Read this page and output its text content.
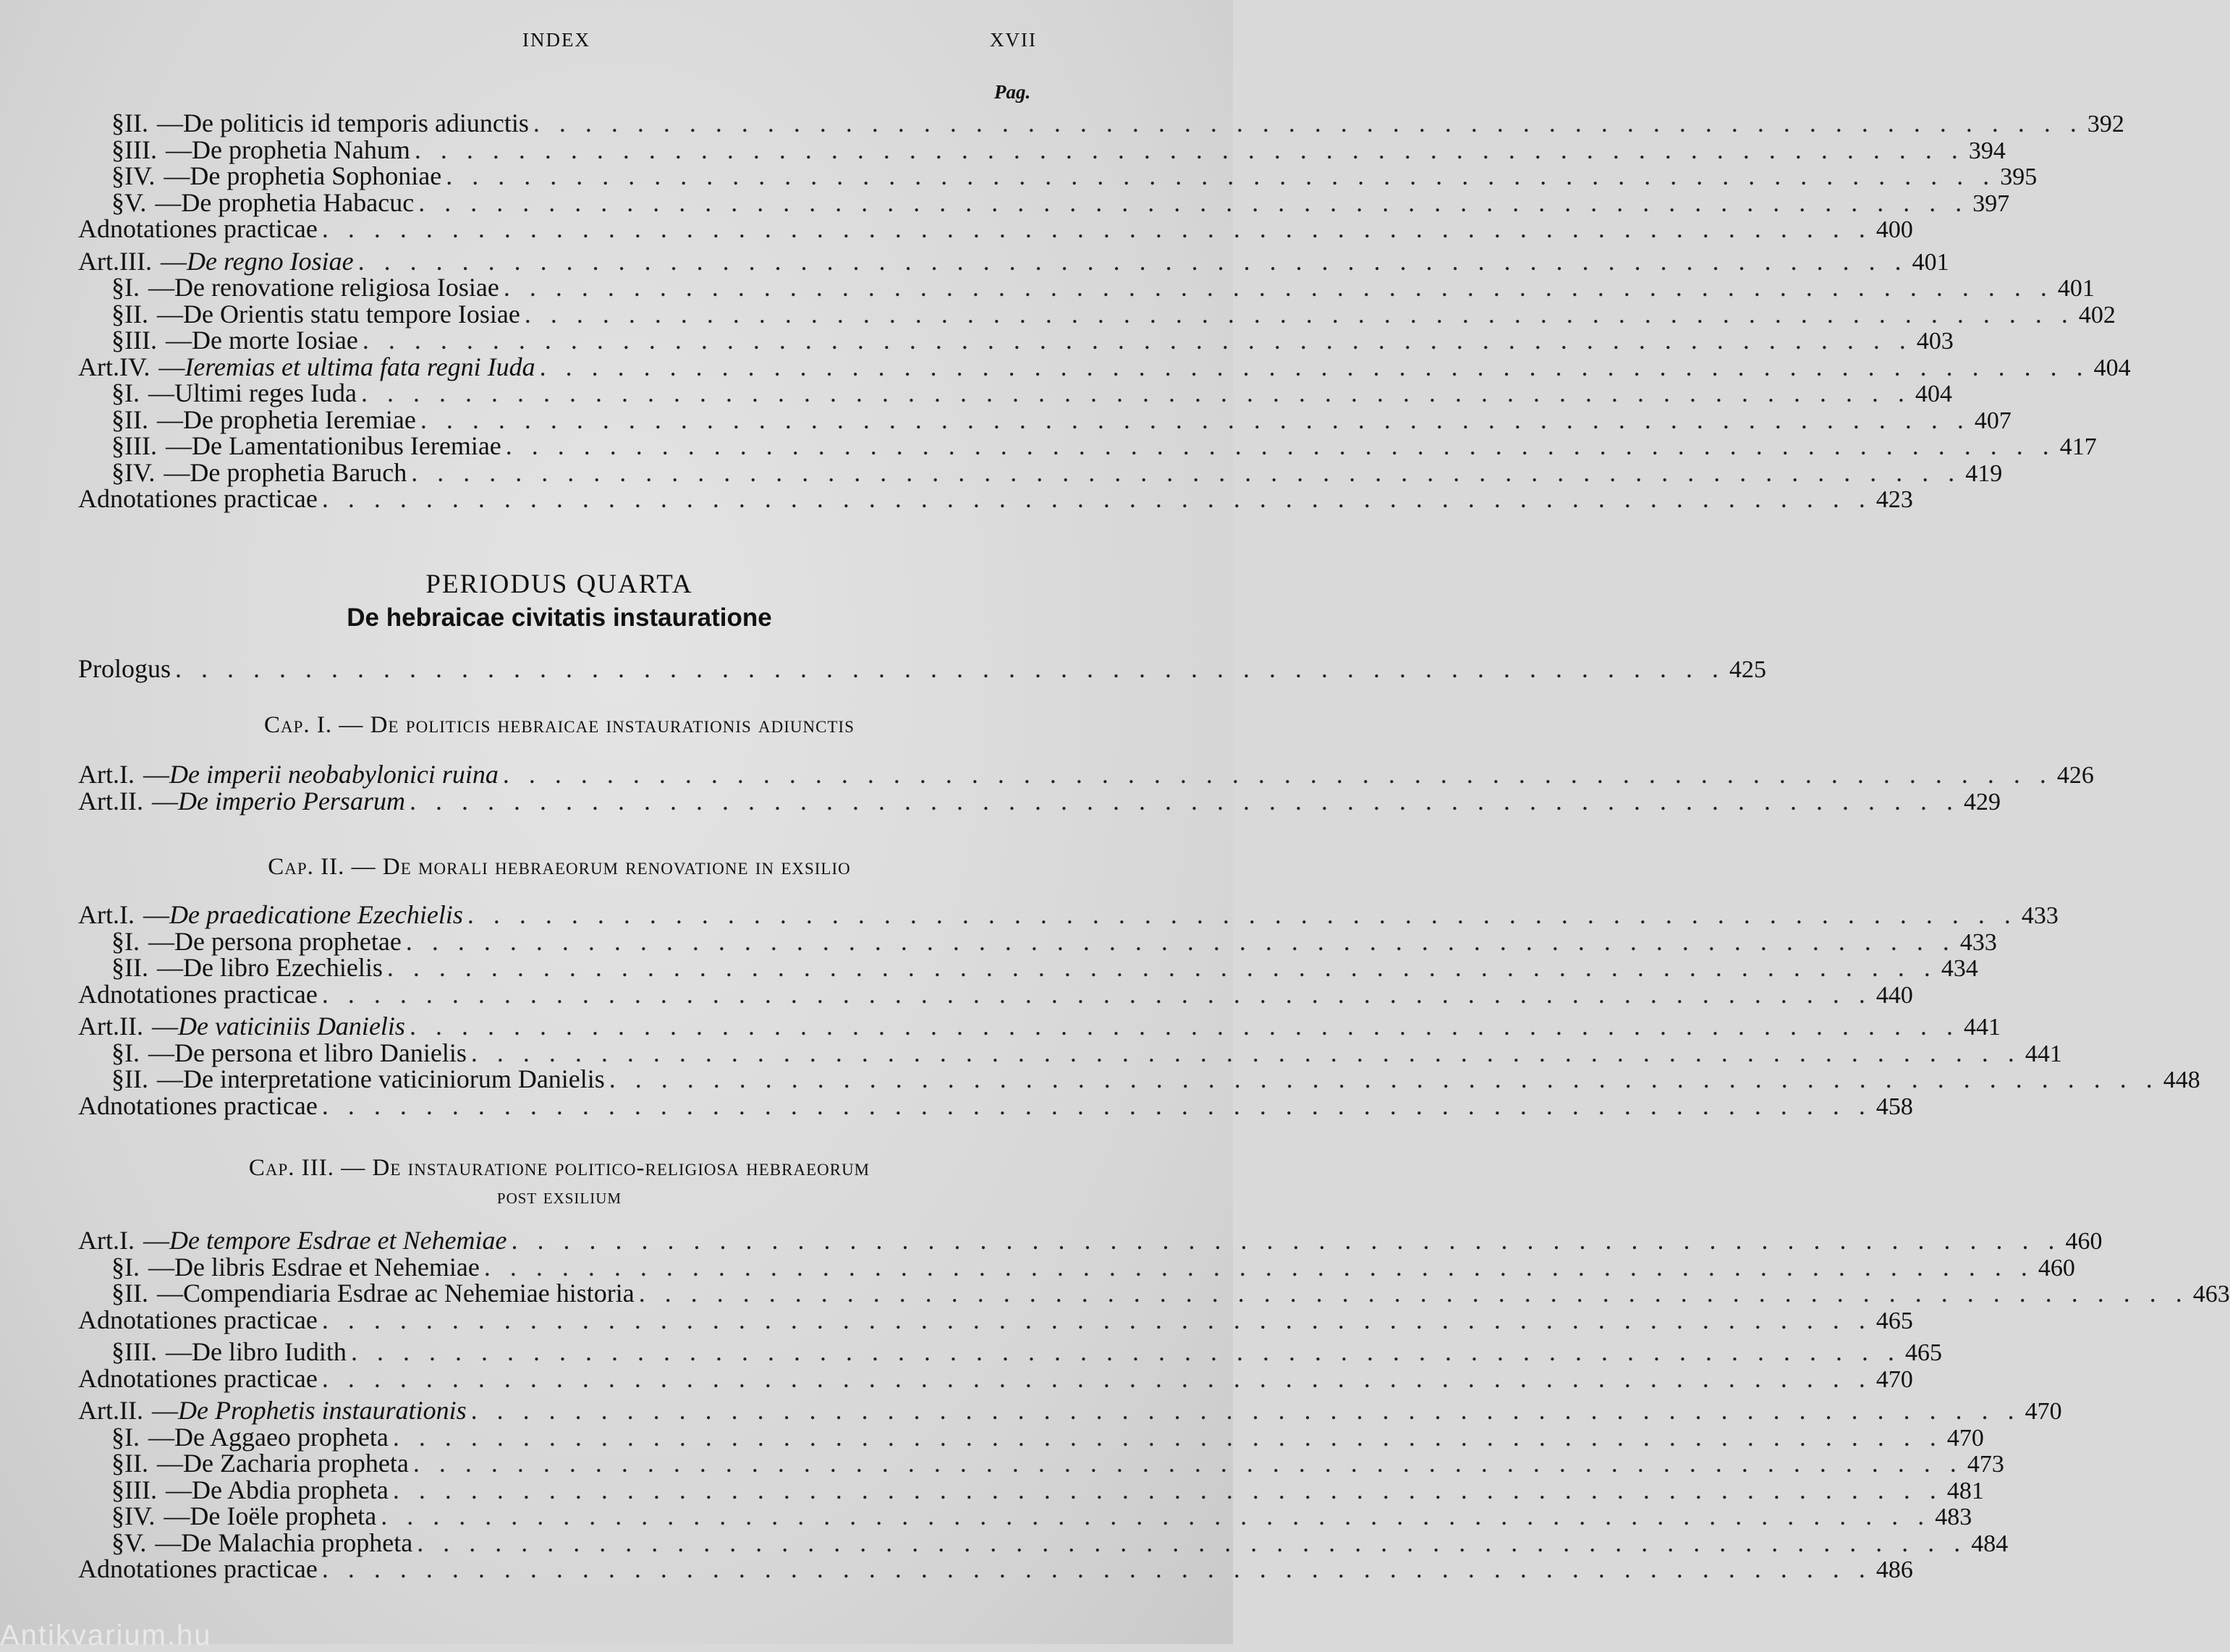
INDEX	XVII
Pag.
§ II. — De politicis id temporis adiunctis . . . . . . . . . . . . . . . . . . . . . . . . . . . . . . . . . . . . . . . . . . . . . . . . . . . . . . . . . . . . 392
§ III. — De prophetia Nahum . . . . . . . . . . . . . . . . . . . . . . . . . . . . . . . . . . . . . . . . . . . . . . . . . . . . . . . . . . . . 394
§ IV. — De prophetia Sophoniae . . . . . . . . . . . . . . . . . . . . . . . . . . . . . . . . . . . . . . . . . . . . . . . . . . . . . . . . . . . . 395
§ V. — De prophetia Habacuc . . . . . . . . . . . . . . . . . . . . . . . . . . . . . . . . . . . . . . . . . . . . . . . . . . . . . . . . . . . . 397
Adnotationes practicae . . . . . . . . . . . . . . . . . . . . . . . . . . . . . . . . . . . . . . . . . . . . . . . . . . . . . . . . . . . . 400
Art. III. — De regno Iosiae . . . . . . . . . . . . . . . . . . . . . . . . . . . . . . . . . . . . . . . . . . . . . . . . . . . . . . . . . . . . 401
§ I. — De renovatione religiosa Iosiae . . . . . . . . . . . . . . . . . . . . . . . . . . . . . . . . . . . . . . . . . . . . . . . . . . . . . . . . . . . . 401
§ II. — De Orientis statu tempore Iosiae . . . . . . . . . . . . . . . . . . . . . . . . . . . . . . . . . . . . . . . . . . . . . . . . . . . . . . . . . . . . 402
§ III. — De morte Iosiae . . . . . . . . . . . . . . . . . . . . . . . . . . . . . . . . . . . . . . . . . . . . . . . . . . . . . . . . . . . . 403
Art. IV. — Ieremias et ultima fata regni Iuda . . . . . . . . . . . . . . . . . . . . . . . . . . . . . . . . . . . . . . . . . . . . . . . . . . . . . . . . . . . . 404
§ I. — Ultimi reges Iuda . . . . . . . . . . . . . . . . . . . . . . . . . . . . . . . . . . . . . . . . . . . . . . . . . . . . . . . . . . . . 404
§ II. — De prophetia Ieremiae . . . . . . . . . . . . . . . . . . . . . . . . . . . . . . . . . . . . . . . . . . . . . . . . . . . . . . . . . . . . 407
§ III. — De Lamentationibus Ieremiae . . . . . . . . . . . . . . . . . . . . . . . . . . . . . . . . . . . . . . . . . . . . . . . . . . . . . . . . . . . . 417
§ IV. — De prophetia Baruch . . . . . . . . . . . . . . . . . . . . . . . . . . . . . . . . . . . . . . . . . . . . . . . . . . . . . . . . . . . . 419
Adnotationes practicae . . . . . . . . . . . . . . . . . . . . . . . . . . . . . . . . . . . . . . . . . . . . . . . . . . . . . . . . . . . . 423
PERIODUS QUARTA
De hebraicae civitatis instauratione
Prologus . . . . . . . . . . . . . . . . . . . . . . . . . . . . . . . . . . . . . . . . . . . . . . . . . . . . . . . . . . . . 425
Cap. I. — De politicis hebraicae instaurationis adiunctis
Art. I. — De imperii neobabylonici ruina . . . . . . . . . . . . . . . . . . . . . . . . . . . . . . . . . . . . . . . . . . . . . . . . . . . . . . . . . . . . 426
Art. II. — De imperio Persarum . . . . . . . . . . . . . . . . . . . . . . . . . . . . . . . . . . . . . . . . . . . . . . . . . . . . . . . . . . . . 429
Cap. II. — De morali hebraeorum renovatione in exsilio
Art. I. — De praedicatione Ezechielis . . . . . . . . . . . . . . . . . . . . . . . . . . . . . . . . . . . . . . . . . . . . . . . . . . . . . . . . . . . . 433
§ I. — De persona prophetae . . . . . . . . . . . . . . . . . . . . . . . . . . . . . . . . . . . . . . . . . . . . . . . . . . . . . . . . . . . . 433
§ II. — De libro Ezechielis . . . . . . . . . . . . . . . . . . . . . . . . . . . . . . . . . . . . . . . . . . . . . . . . . . . . . . . . . . . . 434
Adnotationes practicae . . . . . . . . . . . . . . . . . . . . . . . . . . . . . . . . . . . . . . . . . . . . . . . . . . . . . . . . . . . . 440
Art. II. — De vaticiniis Danielis . . . . . . . . . . . . . . . . . . . . . . . . . . . . . . . . . . . . . . . . . . . . . . . . . . . . . . . . . . . . 441
§ I. — De persona et libro Danielis . . . . . . . . . . . . . . . . . . . . . . . . . . . . . . . . . . . . . . . . . . . . . . . . . . . . . . . . . . . . 441
§ II. — De interpretatione vaticiniorum Danielis . . . . . . . . . . . . . . . . . . . . . . . . . . . . . . . . . . . . . . . . . . . . . . . . . . . . . . . . . . . . 448
Adnotationes practicae . . . . . . . . . . . . . . . . . . . . . . . . . . . . . . . . . . . . . . . . . . . . . . . . . . . . . . . . . . . . 458
Cap. III. — De instauratione politico-religiosa hebraeorum
post exsilium
Art. I. — De tempore Esdrae et Nehemiae . . . . . . . . . . . . . . . . . . . . . . . . . . . . . . . . . . . . . . . . . . . . . . . . . . . . . . . . . . . . 460
§ I. — De libris Esdrae et Nehemiae . . . . . . . . . . . . . . . . . . . . . . . . . . . . . . . . . . . . . . . . . . . . . . . . . . . . . . . . . . . . 460
§ II. — Compendiaria Esdrae ac Nehemiae historia . . . . . . . . . . . . . . . . . . . . . . . . . . . . . . . . . . . . . . . . . . . . . . . . . . . . . . . . . . . . 463
Adnotationes practicae . . . . . . . . . . . . . . . . . . . . . . . . . . . . . . . . . . . . . . . . . . . . . . . . . . . . . . . . . . . . 465
§ III. — De libro Iudith . . . . . . . . . . . . . . . . . . . . . . . . . . . . . . . . . . . . . . . . . . . . . . . . . . . . . . . . . . . . 465
Adnotationes practicae . . . . . . . . . . . . . . . . . . . . . . . . . . . . . . . . . . . . . . . . . . . . . . . . . . . . . . . . . . . . 470
Art. II. — De Prophetis instaurationis . . . . . . . . . . . . . . . . . . . . . . . . . . . . . . . . . . . . . . . . . . . . . . . . . . . . . . . . . . . . 470
§ I. — De Aggaeo propheta . . . . . . . . . . . . . . . . . . . . . . . . . . . . . . . . . . . . . . . . . . . . . . . . . . . . . . . . . . . . 470
§ II. — De Zacharia propheta . . . . . . . . . . . . . . . . . . . . . . . . . . . . . . . . . . . . . . . . . . . . . . . . . . . . . . . . . . . . 473
§ III. — De Abdia propheta . . . . . . . . . . . . . . . . . . . . . . . . . . . . . . . . . . . . . . . . . . . . . . . . . . . . . . . . . . . . 481
§ IV. — De Ioële propheta . . . . . . . . . . . . . . . . . . . . . . . . . . . . . . . . . . . . . . . . . . . . . . . . . . . . . . . . . . . . 483
§ V. — De Malachia propheta . . . . . . . . . . . . . . . . . . . . . . . . . . . . . . . . . . . . . . . . . . . . . . . . . . . . . . . . . . . . 484
Adnotationes practicae . . . . . . . . . . . . . . . . . . . . . . . . . . . . . . . . . . . . . . . . . . . . . . . . . . . . . . . . . . . . 486
Antikvarium.hu
